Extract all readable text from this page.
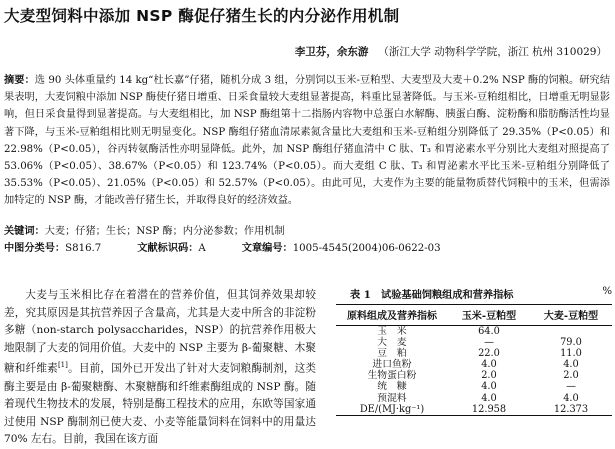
大麦型饲料中添加 NSP 酶促仔猪生长的内分泌作用机制
李卫芬，余东游 （浙江大学 动物科学学院，浙江 杭州 310029）
摘要：选 90 头体重量约 14 kg“杜长嘉”仔猪，随机分成 3 组，分别饲以玉米-豆粕型、大麦型及大麦＋0.2% NSP 酶的饲粮。研究结果表明，大麦饲粮中添加 NSP 酶使仔猪日增重、日采食量较大麦组显著提高，料重比显著降低。与玉米-豆粕组相比，日增重无明显影响，但日采食量得到显著提高。与大麦组相比，加 NSP 酶组第十二指肠内容物中总蛋白水解酶、胰蛋白酶、淀粉酶和脂肪酶活性均显著下降，与玉米-豆粕组相比则无明显变化。NSP 酶组仔猪血清尿素氮含量比大麦组和玉米-豆粕组分别降低了 29.35%（P<0.05）和 22.98%（P<0.05），谷丙转氨酶活性亦明显降低。此外，加 NSP 酶组仔猪血清中 C 肽、T₃ 和胃泌素水平分别比大麦组对照提高了 53.06%（P<0.05）、38.67%（P<0.05）和 123.74%（P<0.05）。而大麦组 C 肽、T₃ 和胃泌素水平比玉米-豆粕组分别降低了 35.53%（P<0.05）、21.05%（P<0.05）和 52.57%（P<0.05）。由此可见，大麦作为主要的能量物质替代饲粮中的玉米，但需添加特定的 NSP 酶，才能改善仔猪生长，并取得良好的经济效益。
关键词：大麦；仔猪；生长；NSP 酶；内分泌参数；作用机制
中图分类号：S816.7	文献标识码：A	文章编号：1005-4545(2004)06-0622-03
大麦与玉米相比存在着潜在的营养价值，但其饲养效果却较差，究其原因是其抗营养因子含量高，尤其是大麦中所含的非淀粉多糖（non-starch polysaccharides，NSP）的抗营养作用极大地限制了大麦的饲用价值。大麦中的 NSP 主要为 β-葡聚糖、木聚糖和纤维素[1]。目前，国外已开发出了针对大麦饲粮酶制剂，这类酶主要是由 β-葡聚糖酶、木聚糖酶和纤维素酶组成的 NSP 酶。随着现代生物技术的发展，特别是酶工程技术的应用，东欧等国家通过使用 NSP 酶制剂已使大麦、小麦等能量饲料在饲料中的用量达 70% 左右。目前，我国在该方面
表 1　试验基础饲粮组成和营养指标	%
原料组成及营养指标	玉米-豆粕型	大麦-豆粕型
玉　米	64.0	
大　麦	—	79.0
豆　粕	22.0	11.0
进口鱼粉	4.0	4.0
生物蛋白粉	2.0	2.0
统　糠	4.0	—
预混料	4.0	4.0
DE/(MJ·kg⁻¹)	12.958	12.373
